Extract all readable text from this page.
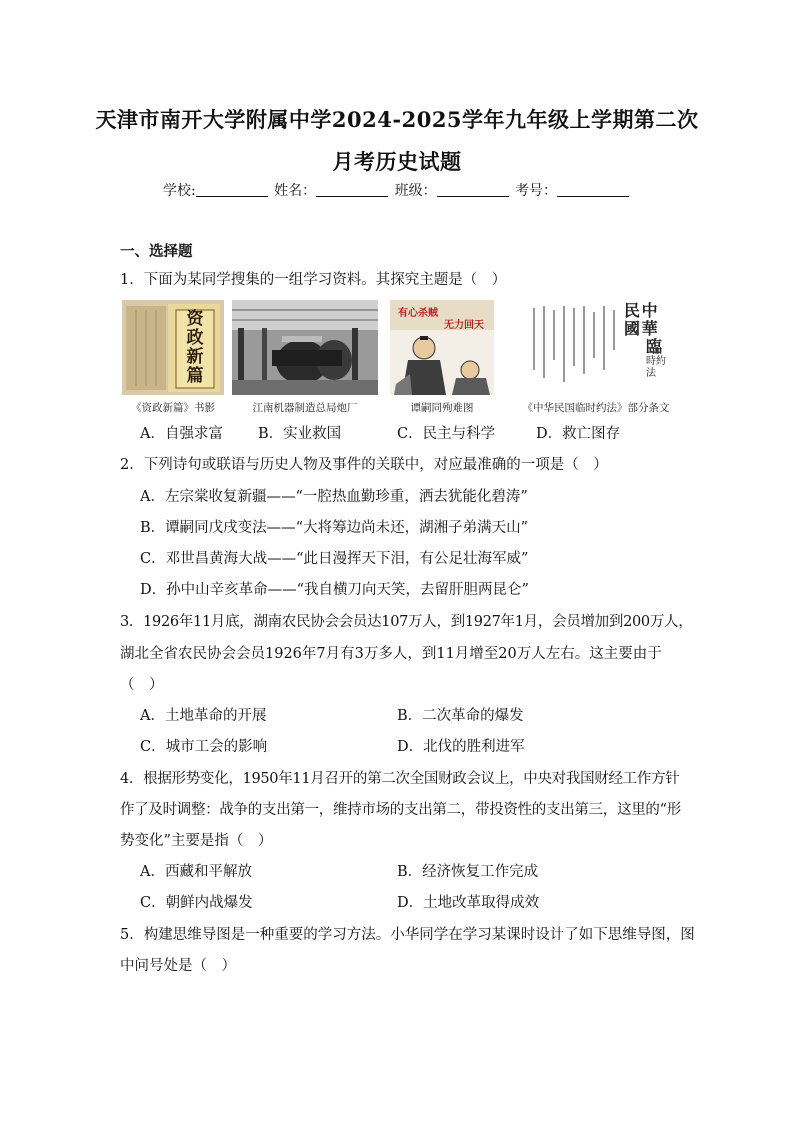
天津市南开大学附属中学2024-2025学年九年级上学期第二次
月考历史试题
学校:	姓名：	班级：	考号：
一、选择题
1．下面为某同学搜集的一组学习资料。其探究主题是（　）
资
政
新
篇
有心杀贼
无力回天
民 中
國 華
臨
時約法
《资政新篇》书影	江南机器制造总局炮厂	谭嗣同殉难图	《中华民国临时约法》部分条文
A．自强求富 B．实业救国	C．民主与科学	D．救亡图存
2．下列诗句或联语与历史人物及事件的关联中，对应最准确的一项是（　）
A．左宗棠收复新疆——“一腔热血勤珍重，洒去犹能化碧涛”
B．谭嗣同戊戌变法——“大将筹边尚未还，湖湘子弟满天山”
C．邓世昌黄海大战——“此日漫挥天下泪，有公足壮海军威”
D．孙中山辛亥革命——“我自横刀向天笑，去留肝胆两昆仑”
3．1926年11月底，湖南农民协会会员达107万人，到1927年1月，会员增加到200万人，
湖北全省农民协会会员1926年7月有3万多人，到11月增至20万人左右。这主要由于
（　）
A．土地革命的开展	B．二次革命的爆发
C．城市工会的影响	D．北伐的胜利进军
4．根据形势变化，1950年11月召开的第二次全国财政会议上，中央对我国财经工作方针
作了及时调整：战争的支出第一，维持市场的支出第二，带投资性的支出第三，这里的“形
势变化”主要是指（　）
A．西藏和平解放	B．经济恢复工作完成
C．朝鲜内战爆发	D．土地改革取得成效
5．构建思维导图是一种重要的学习方法。小华同学在学习某课时设计了如下思维导图，图
中问号处是（　）
